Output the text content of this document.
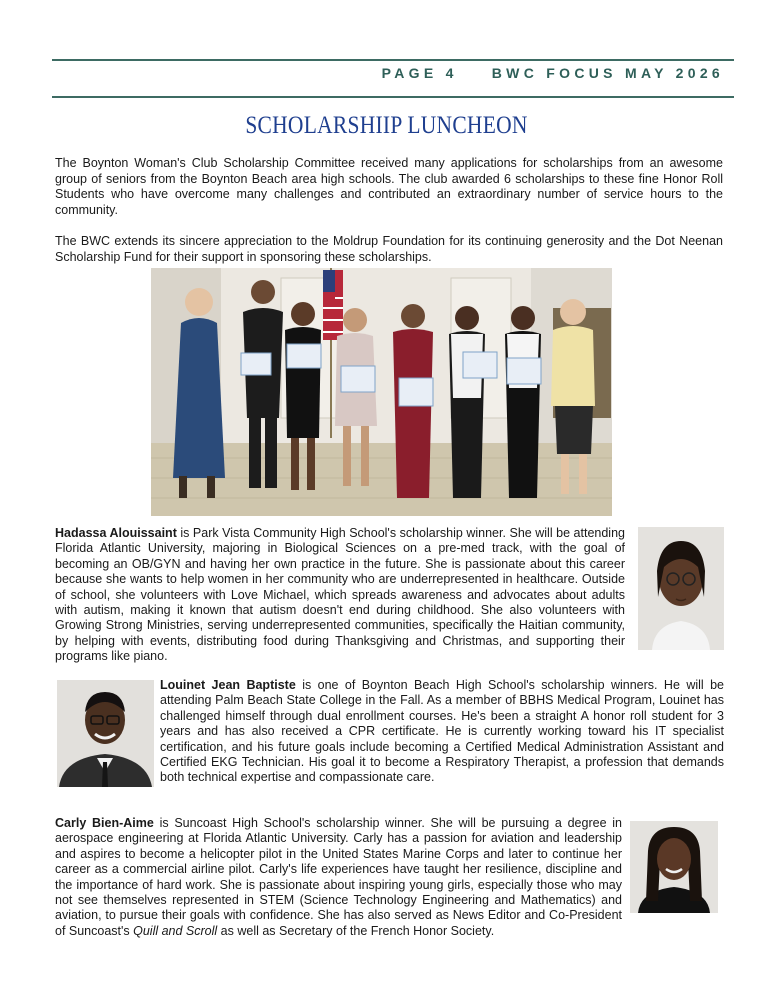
PAGE 4 BWC FOCUS MAY 2026
SCHOLARSHIIP LUNCHEON

The Boynton Woman's Club Scholarship Committee received many applications for scholarships from an awesome group of seniors from the Boynton Beach area high schools. The club awarded 6 scholarships to these fine Honor Roll Students who have overcome many challenges and contributed an extraordinary number of service hours to the community.

The BWC extends its sincere appreciation to the Moldrup Foundation for its continuing generosity and the Dot Neenan Scholarship Fund for their support in sponsoring these scholarships.

Hadassa Alouissaint is Park Vista Community High School's scholarship winner. She will be attending Florida Atlantic University, majoring in Biological Sciences on a pre-med track, with the goal of becoming an OB/GYN and having her own practice in the future. She is passionate about this career because she wants to help women in her community who are underrepresented in healthcare. Outside of school, she volunteers with Love Michael, which spreads awareness and advocates about adults with autism, making it known that autism doesn't end during childhood. She also volunteers with Growing Strong Ministries, serving underrepresented communities, specifically the Haitian community, by helping with events, distributing food during Thanksgiving and Christmas, and supporting their programs like piano.

Louinet Jean Baptiste is one of Boynton Beach High School's scholarship winners. He will be attending Palm Beach State College in the Fall. As a member of BBHS Medical Program, Louinet has challenged himself through dual enrollment courses. He's been a straight A honor roll student for 3 years and has also received a CPR certificate. He is currently working toward his IT specialist certification, and his future goals include becoming a Certified Medical Administration Assistant and Certified EKG Technician. His goal it to become a Respiratory Therapist, a profession that demands both technical expertise and compassionate care.

Carly Bien-Aime is Suncoast High School's scholarship winner. She will be pursuing a degree in aerospace engineering at Florida Atlantic University. Carly has a passion for aviation and leadership and aspires to become a helicopter pilot in the United States Marine Corps and later to continue her career as a commercial airline pilot. Carly's life experiences have taught her resilience, discipline and the importance of hard work. She is passionate about inspiring young girls, especially those who may not see themselves represented in STEM (Science Technology Engineering and Mathematics) and aviation, to pursue their goals with confidence. She has also served as News Editor and Co-President of Suncoast's Quill and Scroll as well as Secretary of the French Honor Society.
